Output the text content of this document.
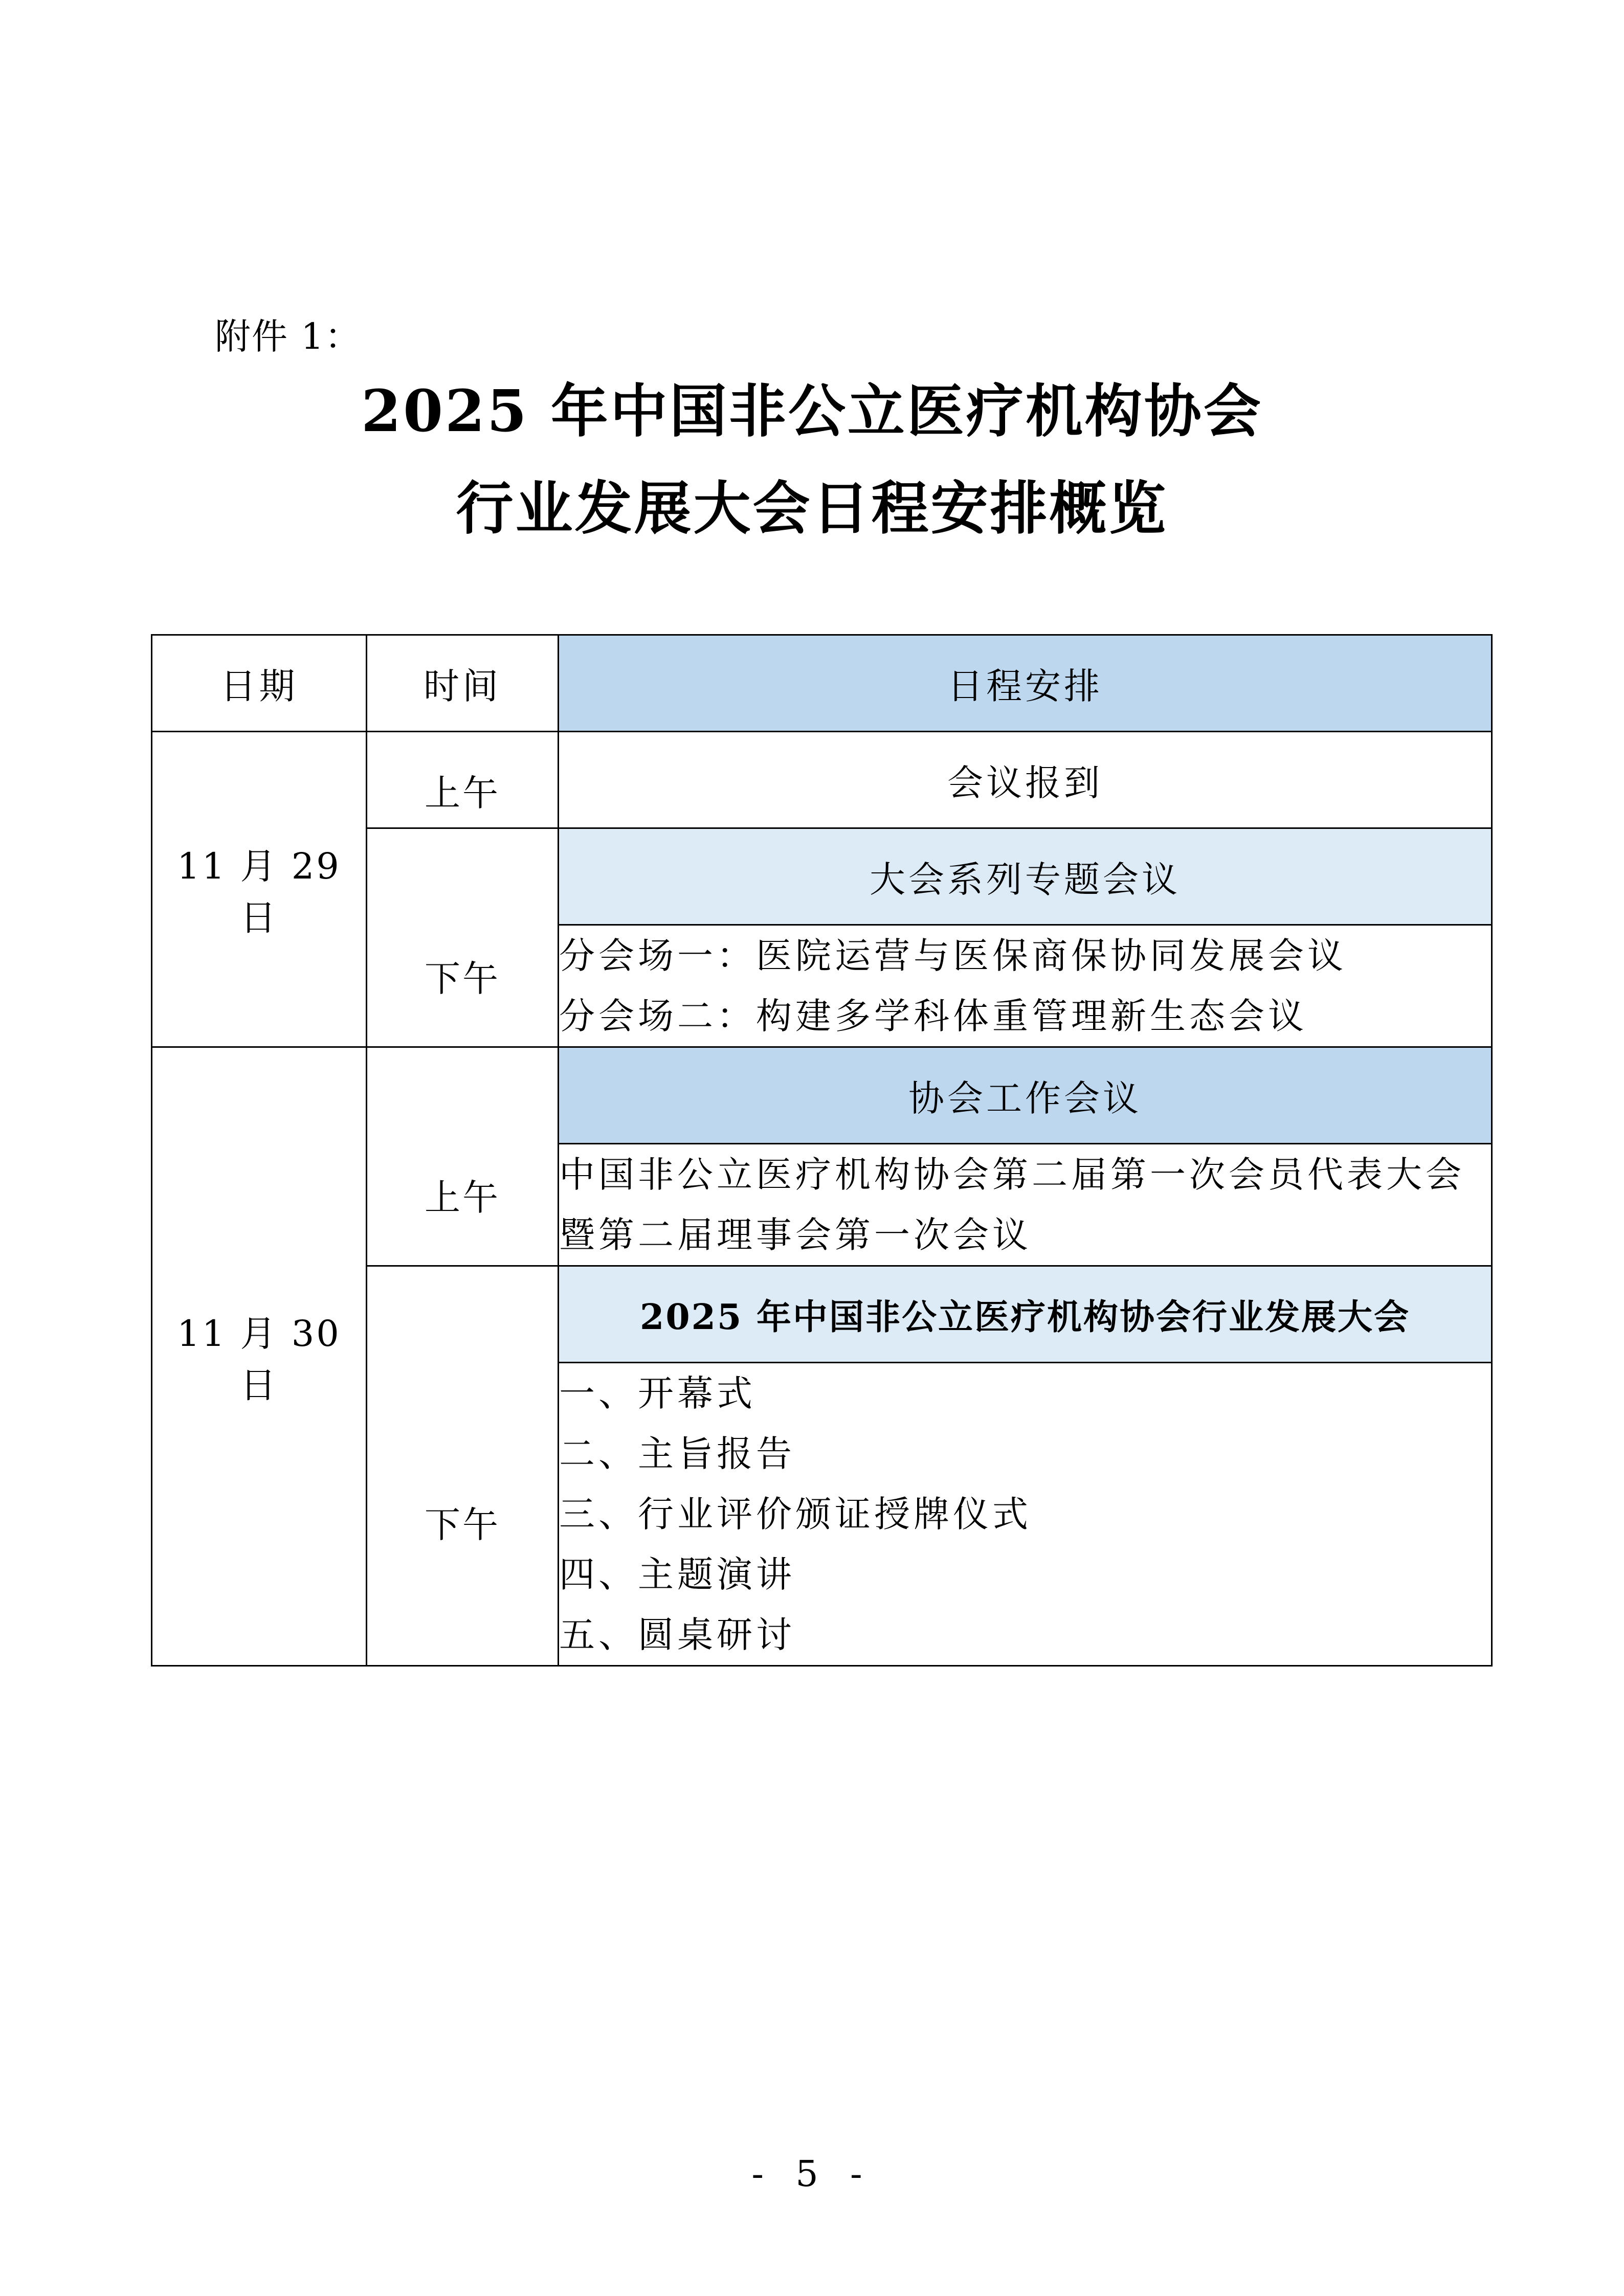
附件 1：
2025 年中国非公立医疗机构协会
行业发展大会日程安排概览
日期	时间	日程安排
11 月 29 日	上午	会议报到

	下午	大会系列专题会议

		分会场一：医院运营与医保商保协同发展会议
分会场二：构建多学科体重管理新生态会议

11 月 30 日	上午	协会工作会议

		中国非公立医疗机构协会第二届第一次会员代表大会
暨第二届理事会第一次会议

	下午	2025 年中国非公立医疗机构协会行业发展大会

		一、开幕式
二、主旨报告
三、行业评价颁证授牌仪式
四、主题演讲
五、圆桌研讨
- 5 -
